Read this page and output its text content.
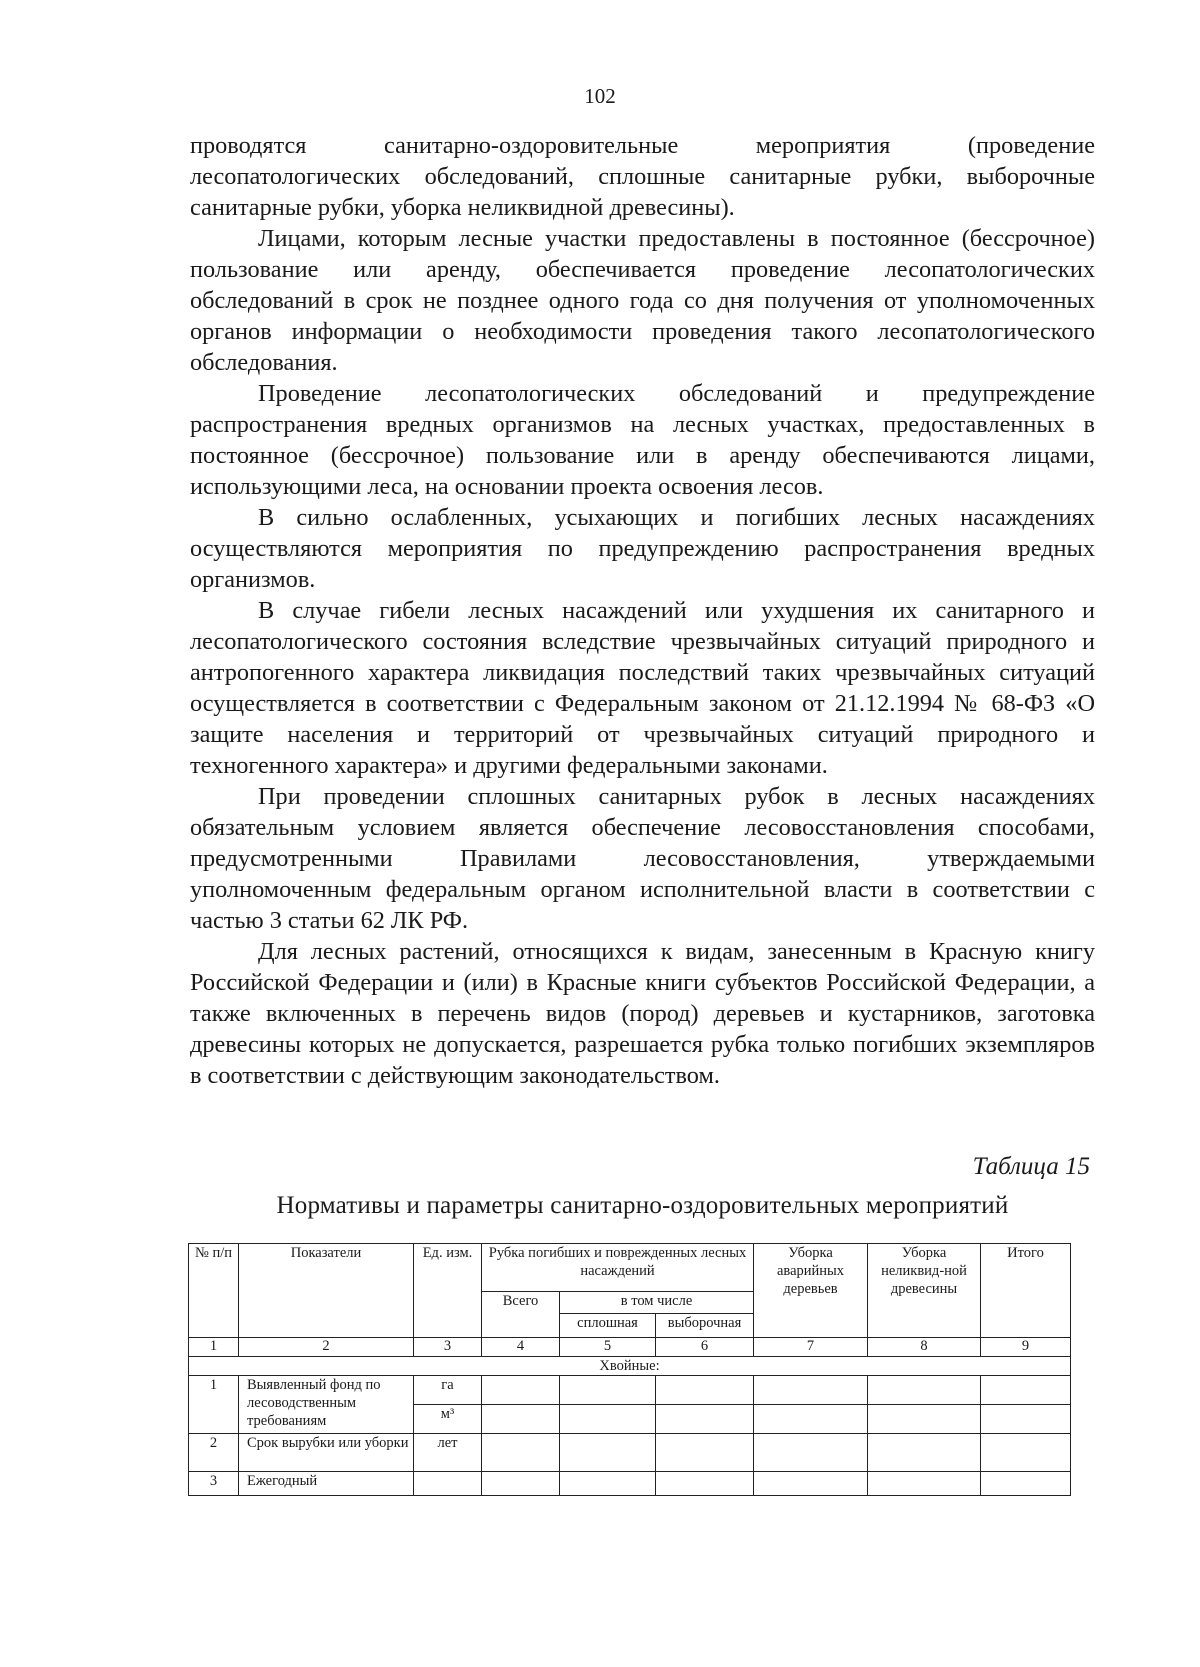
102

проводятся санитарно-оздоровительные мероприятия (проведение лесопатологических обследований, сплошные санитарные рубки, выборочные санитарные рубки, уборка неликвидной древесины).

Лицами, которым лесные участки предоставлены в постоянное (бессрочное) пользование или аренду, обеспечивается проведение лесопатологических обследований в срок не позднее одного года со дня получения от уполномоченных органов информации о необходимости проведения такого лесопатологического обследования.

Проведение лесопатологических обследований и предупреждение распространения вредных организмов на лесных участках, предоставленных в постоянное (бессрочное) пользование или в аренду обеспечиваются лицами, использующими леса, на основании проекта освоения лесов.

В сильно ослабленных, усыхающих и погибших лесных насаждениях осуществляются мероприятия по предупреждению распространения вредных организмов.

В случае гибели лесных насаждений или ухудшения их санитарного и лесопатологического состояния вследствие чрезвычайных ситуаций природного и антропогенного характера ликвидация последствий таких чрезвычайных ситуаций осуществляется в соответствии с Федеральным законом от 21.12.1994 № 68-ФЗ «О защите населения и территорий от чрезвычайных ситуаций природного и техногенного характера» и другими федеральными законами.

При проведении сплошных санитарных рубок в лесных насаждениях обязательным условием является обеспечение лесовосстановления способами, предусмотренными Правилами лесовосстановления, утверждаемыми уполномоченным федеральным органом исполнительной власти в соответствии с частью 3 статьи 62 ЛК РФ.

Для лесных растений, относящихся к видам, занесенным в Красную книгу Российской Федерации и (или) в Красные книги субъектов Российской Федерации, а также включенных в перечень видов (пород) деревьев и кустарников, заготовка древесины которых не допускается, разрешается рубка только погибших экземпляров в соответствии с действующим законодательством.

Таблица 15
Нормативы и параметры санитарно-оздоровительных мероприятий
№ п/п	Показатели	Ед. изм.	Рубка погибших и поврежденных лесных насаждений			Уборка аварийных деревьев	Уборка неликвид-ной древесины	Итого
			Всего	в том числе				
				сплошная	выборочная			
1	2	3	4	5	6	7	8	9
Хвойные:								
1	Выявленный фонд по лесоводственным требованиям	га						
		м³						
2	Срок вырубки или уборки	лет						
3	Ежегодный							
